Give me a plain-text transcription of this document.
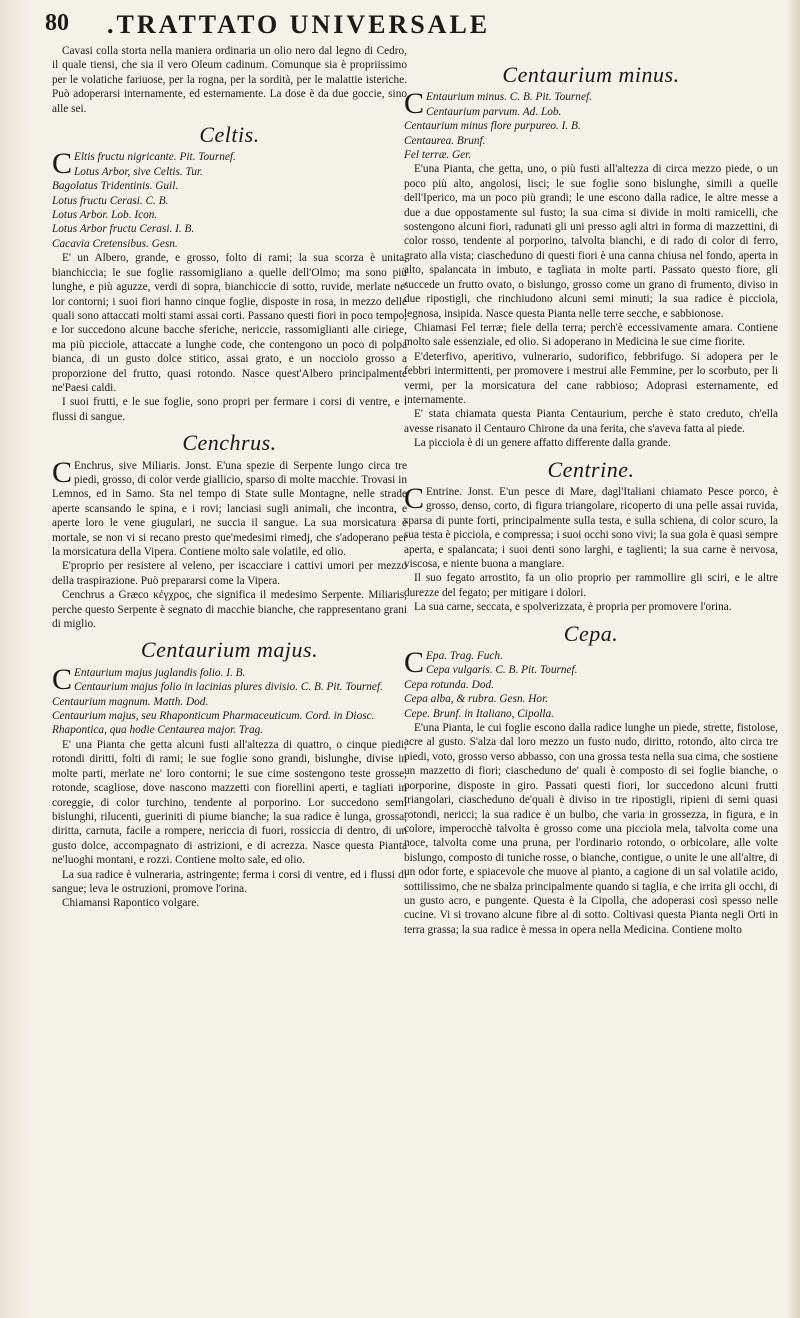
80 .TRATTATO UNIVERSALE

Cavasi colla storta nella maniera ordinaria un olio nero dal legno di Cedro, il quale tiensi, che sia il vero Oleum cadinum. Comunque sia è propriissimo per le volatiche fariuose, per la rogna, per la sordità, per le malattie isteriche. Può adoperarsi internamente, ed esternamente. La dose è da due goccie, sino alle sei.

Celtis.

C Eltis fructu nigricante. Pit. Tournef.

Lotus Arbor, sive Celtis. Tur.

Bagolatus Tridentinis. Guil.

Lotus fructu Cerasi. C. B.

Lotus Arbor. Lob. Icon.

Lotus Arbor fructu Cerasi. I. B.

Cacavia Cretensibus. Gesn.

E' un Albero, grande, e grosso, folto di rami; la sua scorza è unita, bianchiccia; le sue foglie rassomigliano a quelle dell'Olmo; ma sono più lunghe, e più aguzze, verdi di sopra, bianchiccie di sotto, ruvide, merlate ne' lor contorni; i suoi fiori hanno cinque foglie, disposte in rosa, in mezzo delle quali sono attaccati molti stami assai corti. Passano questi fiori in poco tempo, e lor succedono alcune bacche sferiche, nericcie, rassomiglianti alle ciriege, ma più picciole, attaccate a lunghe code, che contengono un poco di polpa bianca, di un gusto dolce stitico, assai grato, e un nocciolo grosso a proporzione del frutto, quasi rotondo. Nasce quest'Albero principalmente ne'Paesi caldi.

I suoi frutti, e le sue foglie, sono propri per fermare i corsi di ventre, e i flussi di sangue.

Cenchrus.

C Enchrus, sive Miliaris. Jonst. E'una spezie di Serpente lungo circa tre piedi, grosso, di color verde giallicio, sparso di molte macchie. Trovasi in Lemnos, ed in Samo. Sta nel tempo di State sulle Montagne, nelle strade aperte scansando le spina, e i rovi; lanciasi sugli animali, che incontra, e aperte loro le vene giugulari, ne succia il sangue. La sua morsicatura è mortale, se non vi si recano presto que'medesimi rimedj, che s'adoperano per la morsicatura della Vipera. Contiene molto sale volatile, ed olio.

E'proprio per resistere al veleno, per iscacciare i cattivi umori per mezzo della traspirazione. Può prepararsi come la Vipera.

Cenchrus a Græco κέγχρος, che significa il medesimo Serpente. Miliaris, perche questo Serpente è segnato di macchie bianche, che rappresentano grani di miglio.

Centaurium majus.

C Entaurium majus juglandis folio. I. B.

Centaurium majus folio in lacinias plures divisio. C. B. Pit. Tournef.

Centaurium magnum. Matth. Dod.

Centaurium majus, seu Rhaponticum Pharmaceuticum. Cord. in Diosc.

Rhapontica, qua hodie Centaurea major. Trag.

E' una Pianta che getta alcuni fusti all'altezza di quattro, o cinque piedi, rotondi diritti, folti di rami; le sue foglie sono grandi, bislunghe, divise in molte parti, merlate ne' loro contorni; le sue cime sostengono teste grosse, rotonde, scagliose, dove nascono mazzetti con fiorellini aperti, e tagliati in coreggie, di color turchino, tendente al porporino. Lor succedono semi bislunghi, rilucenti, gueriniti di piume bianche; la sua radice è lunga, grossa, diritta, carnuta, facile a rompere, nericcia di fuori, rossiccia di dentro, di un gusto dolce, accompagnato di astrizioni, e di acrezza. Nasce questa Pianta ne'luoghi montani, e rozzi. Contiene molto sale, ed olio.

La sua radice è vulneraria, astringente; ferma i corsi di ventre, ed i flussi di sangue; leva le ostruzioni, promove l'orina.

Chiamansi Rapontico volgare.

Centaurium minus.

C Entaurium minus. C. B. Pit. Tournef.

Centaurium parvum. Ad. Lob.

Centaurium minus flore purpureo. I. B.

Centaurea. Brunf.

Fel terræ. Ger.

E'una Pianta, che getta, uno, o più fusti all'altezza di circa mezzo piede, o un poco più alto, angolosi, lisci; le sue foglie sono bislunghe, simili a quelle dell'Iperico, ma un poco più grandi; le une escono dalla radice, le altre messe a due a due oppostamente sul fusto; la sua cima si divide in molti ramicelli, che sostengono alcuni fiori, radunati gli uni presso agli altri in forma di mazzettini, di color rosso, tendente al porporino, talvolta bianchi, e di rado di color di ferro, grato alla vista; ciascheduno di questi fiori è una canna chiusa nel fondo, aperta in alto, spalancata in imbuto, e tagliata in molte parti. Passato questo fiore, gli succede un frutto ovato, o bislungo, grosso come un grano di frumento, diviso in due ripostigli, che rinchiudono alcuni semi minuti; la sua radice è picciola, legnosa, insipida. Nasce questa Pianta nelle terre secche, e sabbionose.

Chiamasi Fel terræ; fiele della terra; perch'è eccessivamente amara. Contiene molto sale essenziale, ed olio. Si adoperano in Medicina le sue cime fiorite.

E'deterfivo, aperitivo, vulnerario, sudorifico, febbrifugo. Si adopera per le febbri intermittenti, per promovere i mestrui alle Femmine, per lo scorbuto, per li vermi, per la morsicatura del cane rabbioso; Adoprasi esternamente, ed internamente.

E' stata chiamata questa Pianta Centaurium, perche è stato creduto, ch'ella avesse risanato il Centauro Chirone da una ferita, che s'aveva fatta al piede.

La picciola è di un genere affatto differente dalla grande.

Centrine.

C Entrine. Jonst. E'un pesce di Mare, dagl'Italiani chiamato Pesce porco, è grosso, denso, corto, di figura triangolare, ricoperto di una pelle assai ruvida, sparsa di punte forti, principalmente sulla testa, e sulla schiena, di color scuro, la sua testa è picciola, e compressa; i suoi occhi sono vivi; la sua gola è quasi sempre aperta, e spalancata; i suoi denti sono larghi, e taglienti; la sua carne è nervosa, viscosa, e niente buona a mangiare.

Il suo fegato arrostito, fa un olio proprio per rammollire gli sciri, e le altre durezze del fegato; per mitigare i dolori.

La sua carne, seccata, e spolverizzata, è propria per promovere l'orina.

Cepa.

C Epa. Trag. Fuch.

Cepa vulgaris. C. B. Pit. Tournef.

Cepa rotunda. Dod.

Cepa alba, & rubra. Gesn. Hor.

Cepe. Brunf. in Italiano, Cipolla.

E'una Pianta, le cui foglie escono dalla radice lunghe un piede, strette, fistolose, acre al gusto. S'alza dal loro mezzo un fusto nudo, diritto, rotondo, alto circa tre piedi, voto, grosso verso abbasso, con una grossa testa nella sua cima, che sostiene un mazzetto di fiori; ciascheduno de' quali è composto di sei foglie bianche, o porporine, disposte in giro. Passati questi fiori, lor succedono alcuni frutti triangolari, ciascheduno de'quali è diviso in tre ripostigli, ripieni di semi quasi rotondi, nericci; la sua radice è un bulbo, che varia in grossezza, in figura, e in colore, imperocchè talvolta è grosso come una picciola mela, talvolta come una noce, talvolta come una pruna, per l'ordinario rotondo, o orbicolare, alle volte bislungo, composto di tuniche rosse, o bianche, contigue, o unite le une all'altre, di un odor forte, e spiacevole che muove al pianto, a cagione di un sal volatile acido, sottilissimo, che ne sbalza principalmente quando si taglia, e che irrita gli occhi, di un gusto acro, e pungente. Questa è la Cipolla, che adoperasi così spesso nelle cucine. Vi si trovano alcune fibre al di sotto. Coltivasi questa Pianta negli Orti in terra grassa; la sua radice è messa in opera nella Medicina. Contiene molto
